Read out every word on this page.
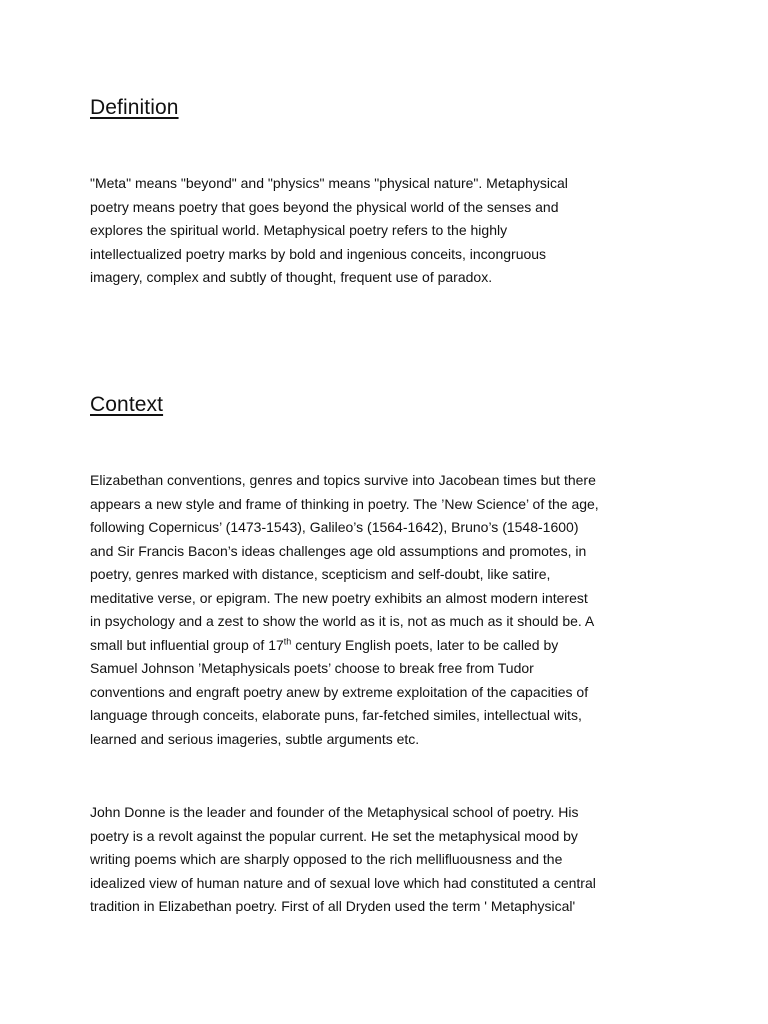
Definition

"Meta" means "beyond" and "physics" means "physical nature". Metaphysical
poetry means poetry that goes beyond the physical world of the senses and
explores the spiritual world. Metaphysical poetry refers to the highly
intellectualized poetry marks by bold and ingenious conceits, incongruous
imagery, complex and subtly of thought, frequent use of paradox.

Context

Elizabethan conventions, genres and topics survive into Jacobean times but there
appears a new style and frame of thinking in poetry. The ’New Science’ of the age,
following Copernicus’ (1473-1543), Galileo’s (1564-1642), Bruno’s (1548-1600)
and Sir Francis Bacon’s ideas challenges age old assumptions and promotes, in
poetry, genres marked with distance, scepticism and self-doubt, like satire,
meditative verse, or epigram. The new poetry exhibits an almost modern interest
in psychology and a zest to show the world as it is, not as much as it should be. A
small but influential group of 17th century English poets, later to be called by
Samuel Johnson ’Metaphysicals poets’ choose to break free from Tudor
conventions and engraft poetry anew by extreme exploitation of the capacities of
language through conceits, elaborate puns, far-fetched similes, intellectual wits,
learned and serious imageries, subtle arguments etc.

John Donne is the leader and founder of the Metaphysical school of poetry. His
poetry is a revolt against the popular current. He set the metaphysical mood by
writing poems which are sharply opposed to the rich mellifluousness and the
idealized view of human nature and of sexual love which had constituted a central
tradition in Elizabethan poetry. First of all Dryden used the term ' Metaphysical'
